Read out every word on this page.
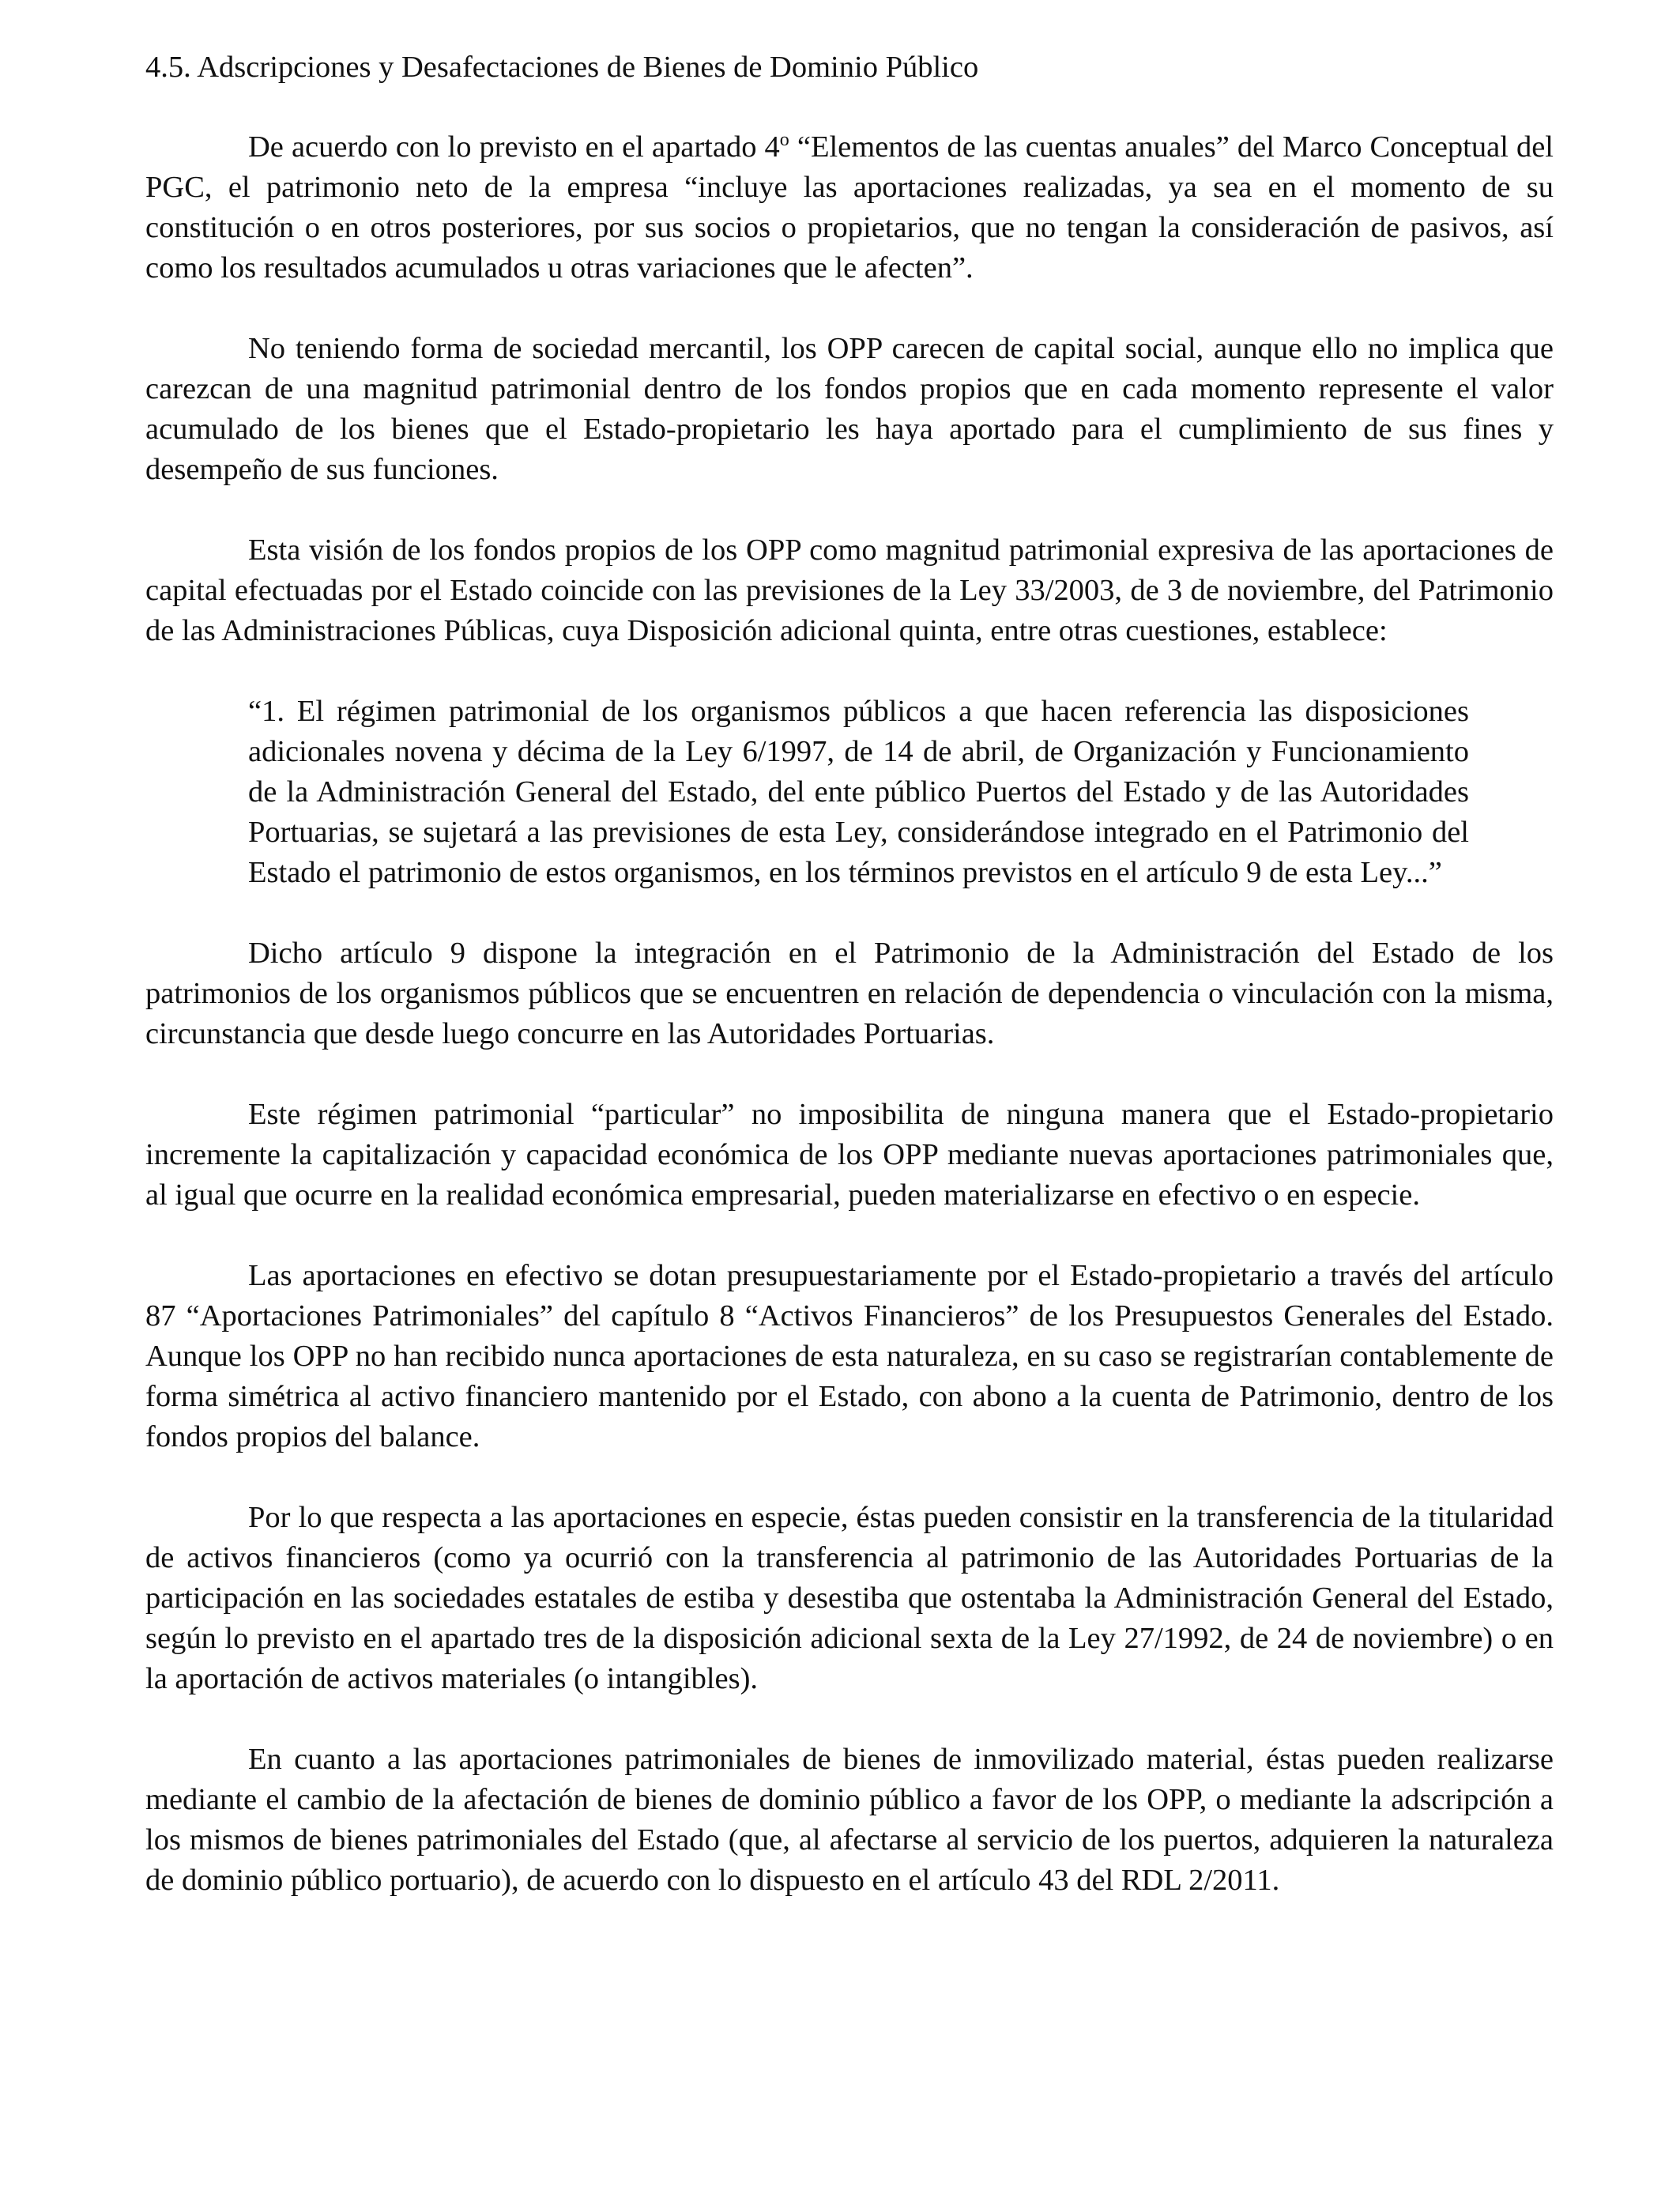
4.5. Adscripciones y Desafectaciones de Bienes de Dominio Público

De acuerdo con lo previsto en el apartado 4$^o$ “Elementos de las cuentas anuales” del Marco Conceptual del PGC, el patrimonio neto de la empresa “incluye las aportaciones realizadas, ya sea en el momento de su constitución o en otros posteriores, por sus socios o propietarios, que no tengan la consideración de pasivos, así como los resultados acumulados u otras variaciones que le afecten”.

No teniendo forma de sociedad mercantil, los OPP carecen de capital social, aunque ello no implica que carezcan de una magnitud patrimonial dentro de los fondos propios que en cada momento represente el valor acumulado de los bienes que el Estado-propietario les haya aportado para el cumplimiento de sus fines y desempeño de sus funciones.

Esta visión de los fondos propios de los OPP como magnitud patrimonial expresiva de las aportaciones de capital efectuadas por el Estado coincide con las previsiones de la Ley 33/2003, de 3 de noviembre, del Patrimonio de las Administraciones Públicas, cuya Disposición adicional quinta, entre otras cuestiones, establece:

“1. El régimen patrimonial de los organismos públicos a que hacen referencia las disposiciones adicionales novena y décima de la Ley 6/1997, de 14 de abril, de Organización y Funcionamiento de la Administración General del Estado, del ente público Puertos del Estado y de las Autoridades Portuarias, se sujetará a las previsiones de esta Ley, considerándose integrado en el Patrimonio del Estado el patrimonio de estos organismos, en los términos previstos en el artículo 9 de esta Ley...”

Dicho artículo 9 dispone la integración en el Patrimonio de la Administración del Estado de los patrimonios de los organismos públicos que se encuentren en relación de dependencia o vinculación con la misma, circunstancia que desde luego concurre en las Autoridades Portuarias.

Este régimen patrimonial “particular” no imposibilita de ninguna manera que el Estado-propietario incremente la capitalización y capacidad económica de los OPP mediante nuevas aportaciones patrimoniales que, al igual que ocurre en la realidad económica empresarial, pueden materializarse en efectivo o en especie.

Las aportaciones en efectivo se dotan presupuestariamente por el Estado-propietario a través del artículo 87 “Aportaciones Patrimoniales” del capítulo 8 “Activos Financieros” de los Presupuestos Generales del Estado. Aunque los OPP no han recibido nunca aportaciones de esta naturaleza, en su caso se registrarían contablemente de forma simétrica al activo financiero mantenido por el Estado, con abono a la cuenta de Patrimonio, dentro de los fondos propios del balance.

Por lo que respecta a las aportaciones en especie, éstas pueden consistir en la transferencia de la titularidad de activos financieros (como ya ocurrió con la transferencia al patrimonio de las Autoridades Portuarias de la participación en las sociedades estatales de estiba y desestiba que ostentaba la Administración General del Estado, según lo previsto en el apartado tres de la disposición adicional sexta de la Ley 27/1992, de 24 de noviembre) o en la aportación de activos materiales (o intangibles).

En cuanto a las aportaciones patrimoniales de bienes de inmovilizado material, éstas pueden realizarse mediante el cambio de la afectación de bienes de dominio público a favor de los OPP, o mediante la adscripción a los mismos de bienes patrimoniales del Estado (que, al afectarse al servicio de los puertos, adquieren la naturaleza de dominio público portuario), de acuerdo con lo dispuesto en el artículo 43 del RDL 2/2011.
